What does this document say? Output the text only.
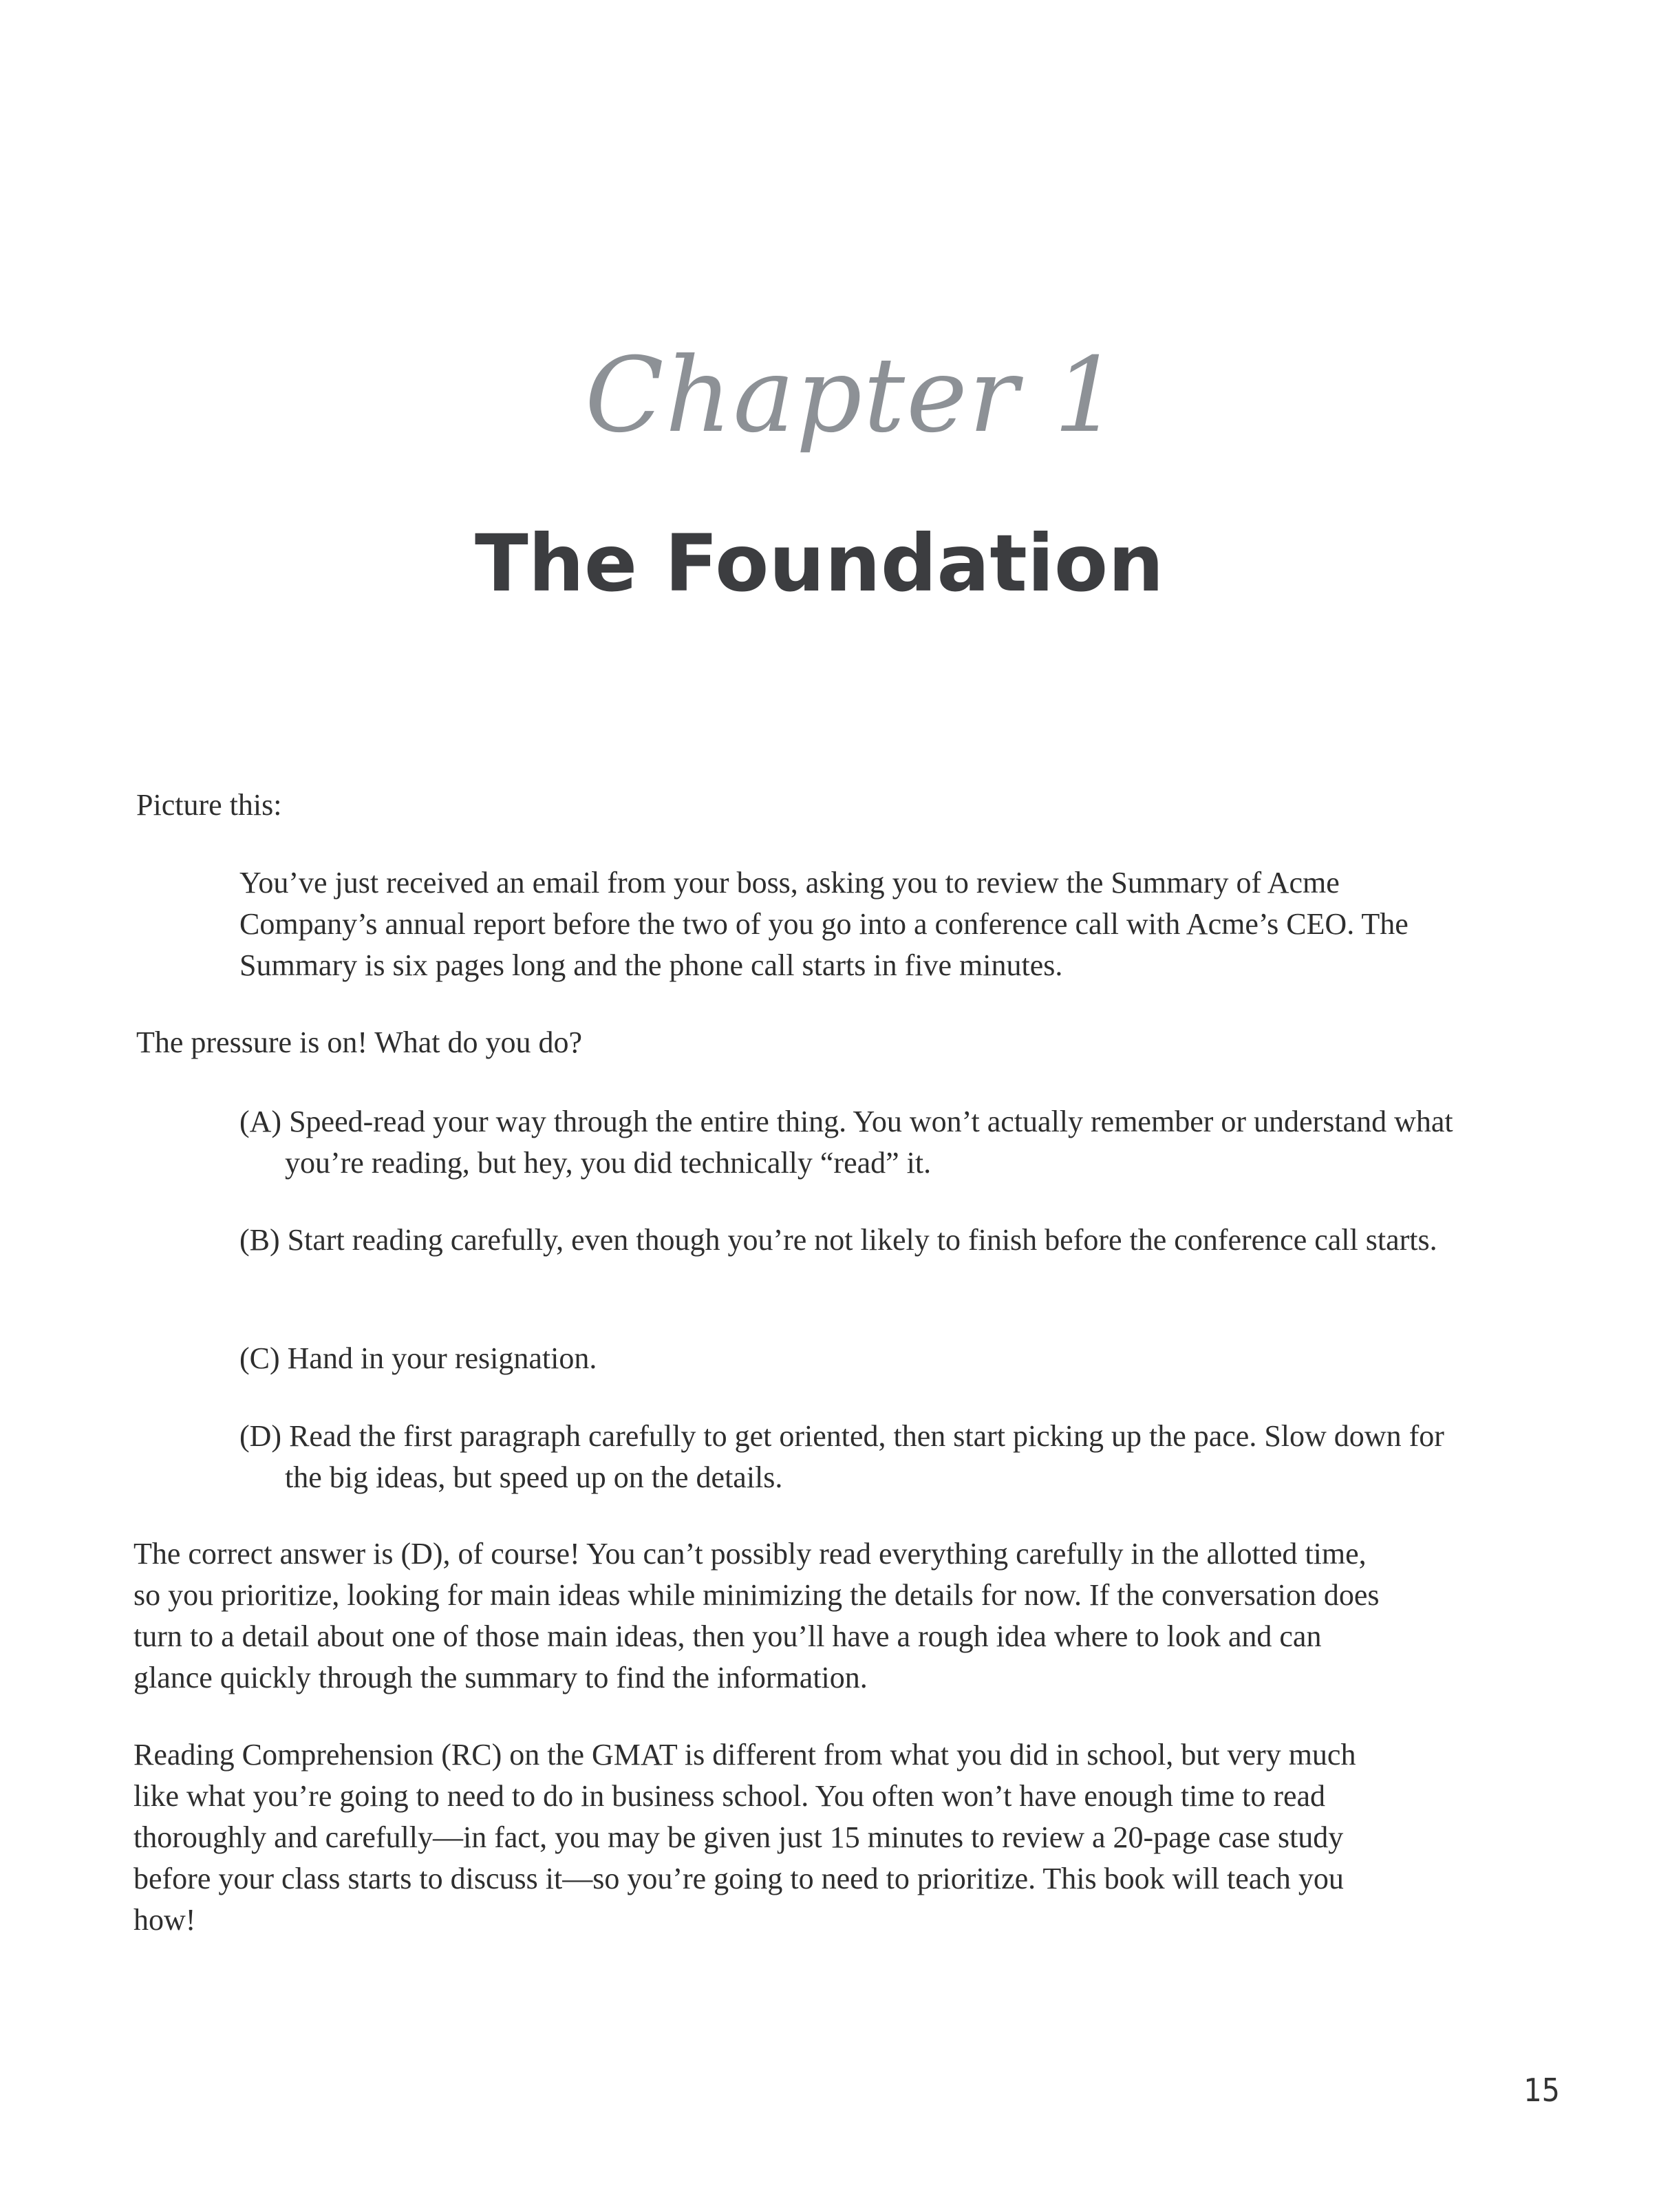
Chapter 1
The Foundation

Picture this:

You’ve just received an email from your boss, asking you to review the Summary of Acme Company’s annual report before the two of you go into a conference call with Acme’s CEO. The Summary is six pages long and the phone call starts in five minutes.

The pressure is on! What do you do?

(A) Speed-read your way through the entire thing. You won’t actually remember or understand what you’re reading, but hey, you did technically “read” it.

(B) Start reading carefully, even though you’re not likely to finish before the conference call starts.

(C) Hand in your resignation.

(D) Read the first paragraph carefully to get oriented, then start picking up the pace. Slow down for the big ideas, but speed up on the details.

The correct answer is (D), of course! You can’t possibly read everything carefully in the allotted time, so you prioritize, looking for main ideas while minimizing the details for now. If the conversation does turn to a detail about one of those main ideas, then you’ll have a rough idea where to look and can glance quickly through the summary to find the information.

Reading Comprehension (RC) on the GMAT is different from what you did in school, but very much like what you’re going to need to do in business school. You often won’t have enough time to read thoroughly and carefully—in fact, you may be given just 15 minutes to review a 20-page case study before your class starts to discuss it—so you’re going to need to prioritize. This book will teach you how!

15
